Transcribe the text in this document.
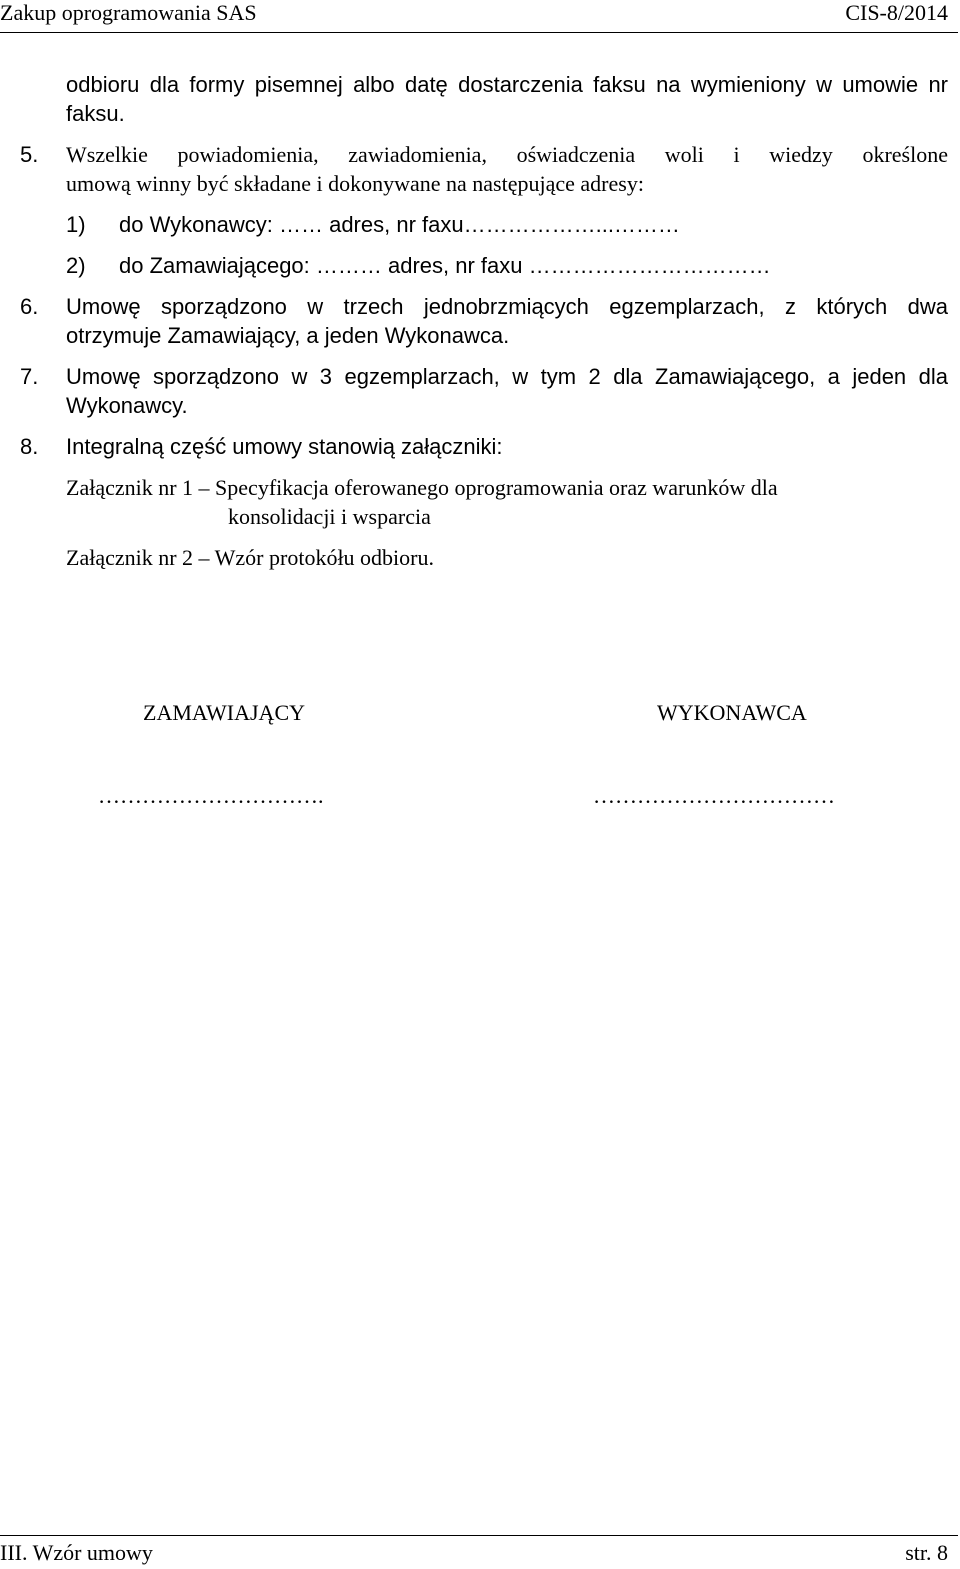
Zakup oprogramowania SAS	CIS-8/2014
odbioru dla formy pisemnej albo datę dostarczenia faksu na wymieniony w umowie nr
faksu.
5. Wszelkie powiadomienia, zawiadomienia, oświadczenia woli i wiedzy określone
umową winny być składane i dokonywane na następujące adresy:
1) do Wykonawcy: …… adres, nr faxu………………...………
2) do Zamawiającego: ……… adres, nr faxu ……………………………
6. Umowę sporządzono w trzech jednobrzmiących egzemplarzach, z których dwa
otrzymuje Zamawiający, a jeden Wykonawca.
7. Umowę sporządzono w 3 egzemplarzach, w tym 2 dla Zamawiającego, a jeden dla
Wykonawcy.
8. Integralną część umowy stanowią załączniki:
Załącznik nr 1 – Specyfikacja oferowanego oprogramowania oraz warunków dla
konsolidacji i wsparcia
Załącznik nr 2 – Wzór protokółu odbioru.
ZAMAWIAJĄCY	WYKONAWCA
………………………….	……………………………
III. Wzór umowy	str. 8
